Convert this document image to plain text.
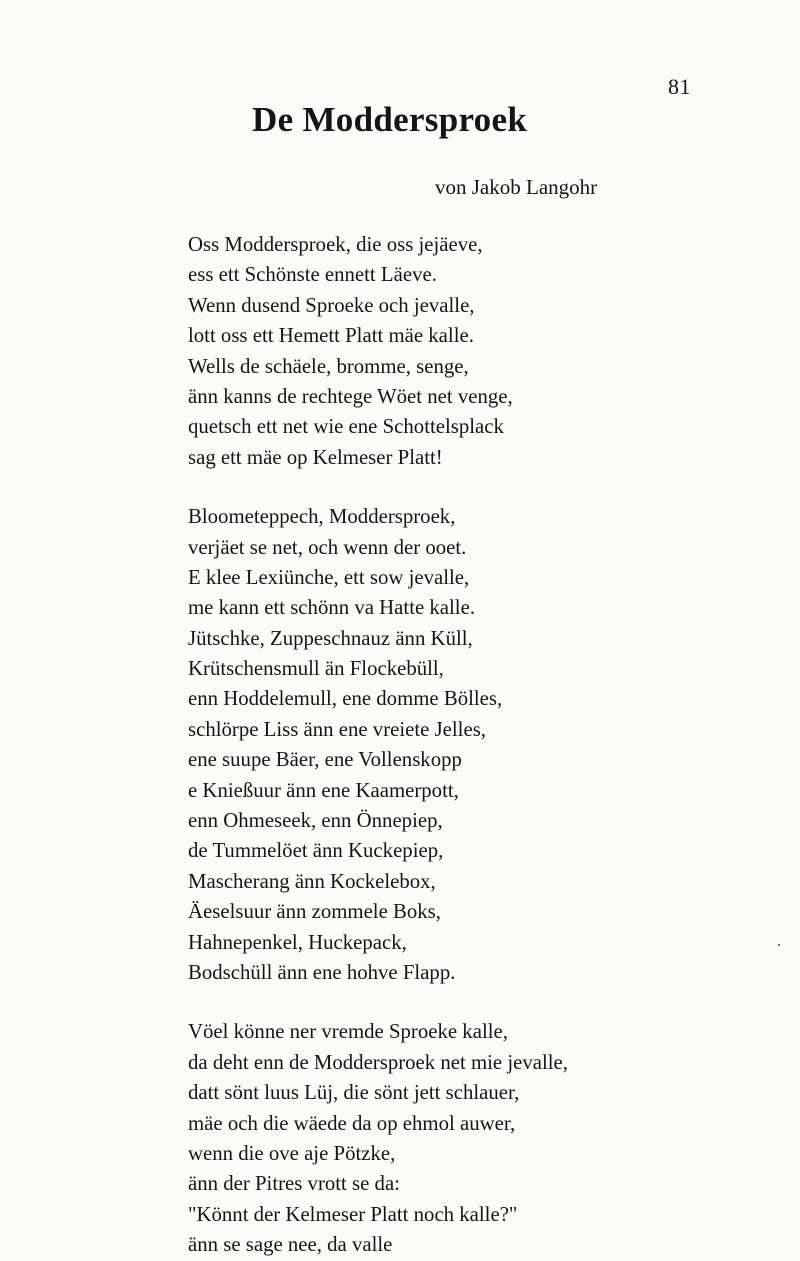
81
De Moddersproek
von Jakob Langohr
Oss Moddersproek, die oss jejäeve,
ess ett Schönste ennett Läeve.
Wenn dusend Sproeke och jevalle,
lott oss ett Hemett Platt mäe kalle.
Wells de schäele, bromme, senge,
änn kanns de rechtege Wöet net venge,
quetsch ett net wie ene Schottelsplack
sag ett mäe op Kelmeser Platt!
Bloometeppech, Moddersproek,
verjäet se net, och wenn der ooet.
E klee Lexiünche, ett sow jevalle,
me kann ett schönn va Hatte kalle.
Jütschke, Zuppeschnauz änn Küll,
Krütschensmull än Flockebüll,
enn Hoddelemull, ene domme Bölles,
schlörpe Liss änn ene vreiete Jelles,
ene suupe Bäer, ene Vollenskopp
e Knießuur änn ene Kaamerpott,
enn Ohmeseek, enn Önnepiep,
de Tummelöet änn Kuckepiep,
Mascherang änn Kockelebox,
Äeselsuur änn zommele Boks,
Hahnepenkel, Huckepack,
Bodschüll änn ene hohve Flapp.
Vöel könne ner vremde Sproeke kalle,
da deht enn de Moddersproek net mie jevalle,
datt sönt luus Lüj, die sönt jett schlauer,
mäe och die wäede da op ehmol auwer,
wenn die ove aje Pötzke,
änn der Pitres vrott se da:
"Könnt der Kelmeser Platt noch kalle?"
änn se sage nee, da valle
